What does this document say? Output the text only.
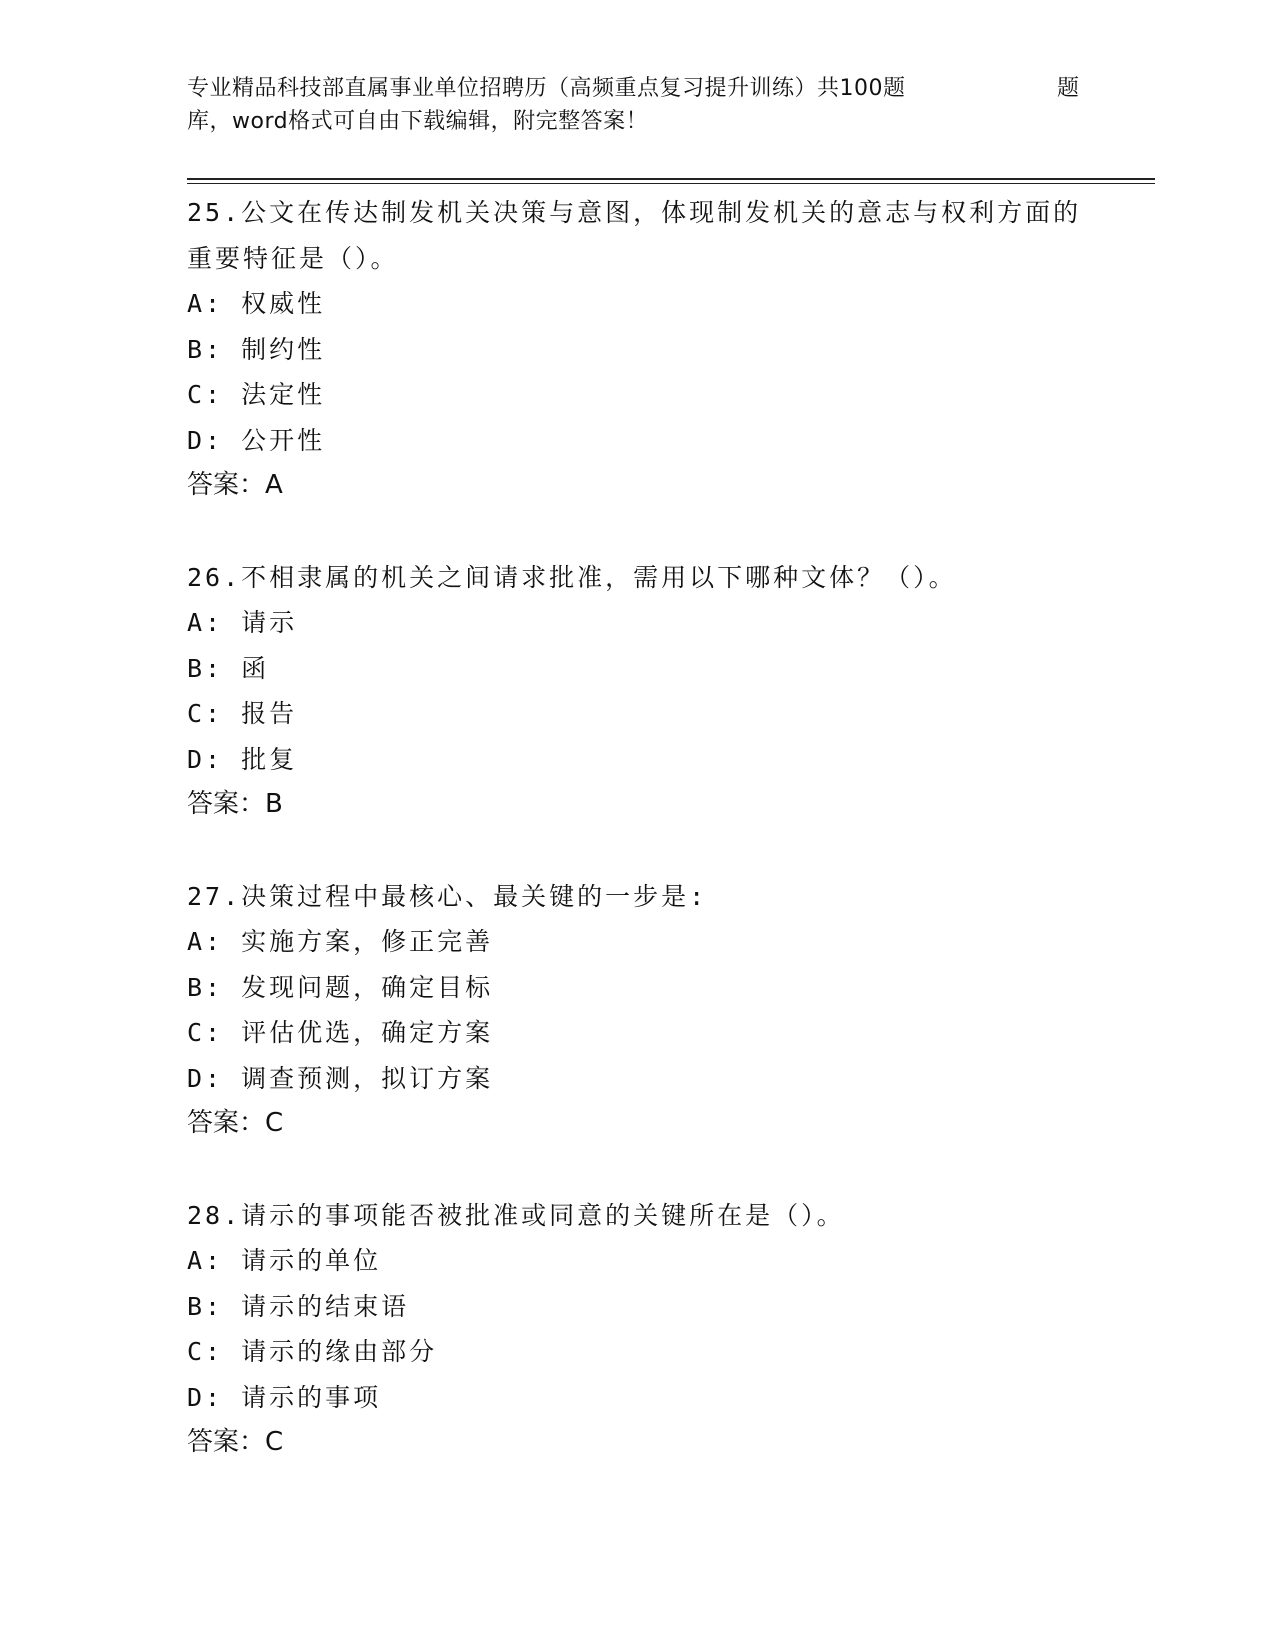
专业精品科技部直属事业单位招聘历（高频重点复习提升训练）共100题	题
库，word格式可自由下载编辑，附完整答案！
25.公文在传达制发机关决策与意图，体现制发机关的意志与权利方面的重要特征是（）。
A: 权威性
B: 制约性
C: 法定性
D: 公开性
答案：A
26.不相隶属的机关之间请求批准，需用以下哪种文体？（）。
A: 请示
B: 函
C: 报告
D: 批复
答案：B
27.决策过程中最核心、最关键的一步是:
A: 实施方案，修正完善
B: 发现问题，确定目标
C: 评估优选，确定方案
D: 调查预测，拟订方案
答案：C
28.请示的事项能否被批准或同意的关键所在是（）。
A: 请示的单位
B: 请示的结束语
C: 请示的缘由部分
D: 请示的事项
答案：C
